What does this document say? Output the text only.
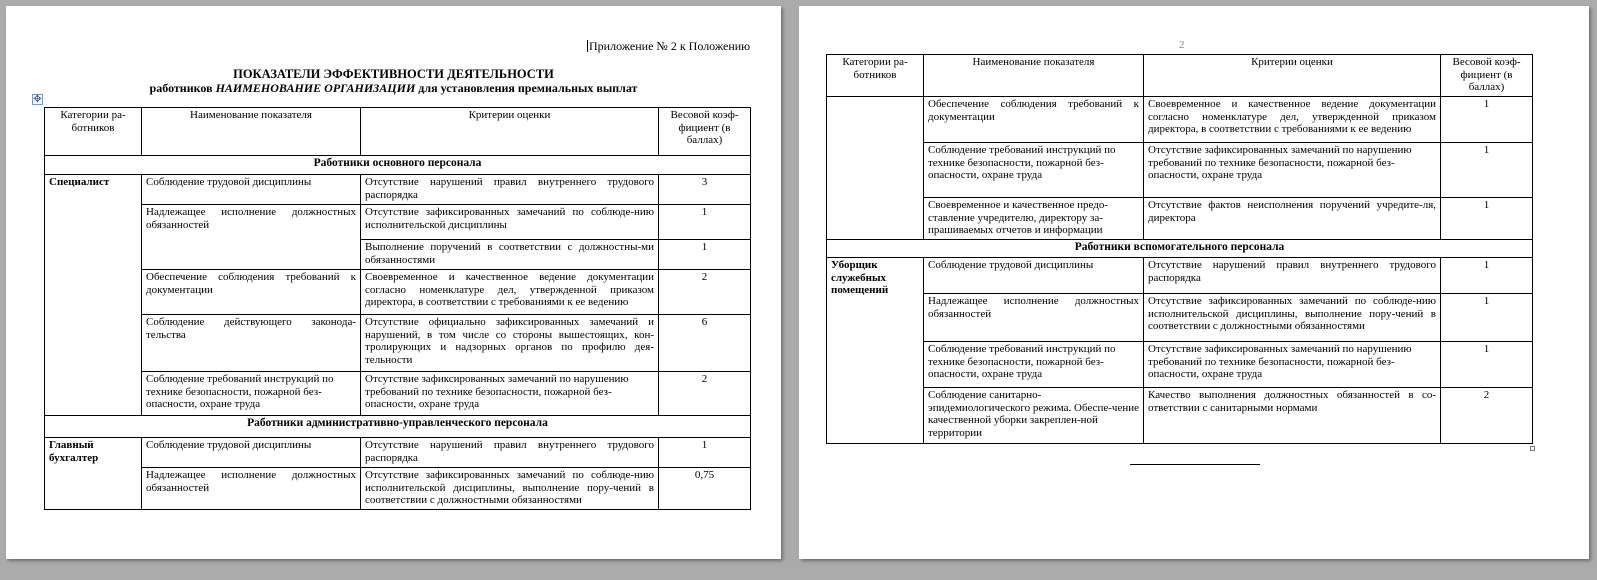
Приложение № 2 к Положению
ПОКАЗАТЕЛИ ЭФФЕКТИВНОСТИ ДЕЯТЕЛЬНОСТИ
работников НАИМЕНОВАНИЕ ОРГАНИЗАЦИИ для установления премиальных выплат
✥
Категории ра-ботников	Наименование показателя	Критерии оценки	Весовой коэф-фициент (в баллах)
Работники основного персонала			
Специалист	Соблюдение трудовой дисциплины	Отсутствие нарушений правил внутреннего трудового распорядка	3
	Надлежащее исполнение должностных обязанностей	Отсутствие зафиксированных замечаний по соблюде-нию исполнительской дисциплины	1
		Выполнение поручений в соответствии с должностны-ми обязанностями	1
	Обеспечение соблюдения требований к документации	Своевременное и качественное ведение документации согласно номенклатуре дел, утвержденной приказом директора, в соответствии с требованиями к ее ведению	2
	Соблюдение действующего законода-тельства	Отсутствие официально зафиксированных замечаний и нарушений, в том числе со стороны вышестоящих, кон-тролирующих и надзорных органов по профилю дея-тельности	6
	Соблюдение требований инструкций по технике безопасности, пожарной без-опасности, охране труда	Отсутствие зафиксированных замечаний по нарушению требований по технике безопасности, пожарной без-опасности, охране труда	2
Работники административно-управленческого персонала			
Главный бухгалтер	Соблюдение трудовой дисциплины	Отсутствие нарушений правил внутреннего трудового распорядка	1
	Надлежащее исполнение должностных обязанностей	Отсутствие зафиксированных замечаний по соблюде-нию исполнительской дисциплины, выполнение пору-чений в соответствии с должностными обязанностями	0,75
2
Категории ра-ботников	Наименование показателя	Критерии оценки	Весовой коэф-фициент (в баллах)
	Обеспечение соблюдения требований к документации	Своевременное и качественное ведение документации согласно номенклатуре дел, утвержденной приказом директора, в соответствии с требованиями к ее ведению	1
	Соблюдение требований инструкций по технике безопасности, пожарной без-опасности, охране труда	Отсутствие зафиксированных замечаний по нарушению требований по технике безопасности, пожарной без-опасности, охране труда	1
	Своевременное и качественное предо-ставление учредителю, директору за-прашиваемых отчетов и информации	Отсутствие фактов неисполнения поручений учредите-ля, директора	1
Работники вспомогательного персонала			
Уборщик служебных помещений	Соблюдение трудовой дисциплины	Отсутствие нарушений правил внутреннего трудового распорядка	1
	Надлежащее исполнение должностных обязанностей	Отсутствие зафиксированных замечаний по соблюде-нию исполнительской дисциплины, выполнение пору-чений в соответствии с должностными обязанностями	1
	Соблюдение требований инструкций по технике безопасности, пожарной без-опасности, охране труда	Отсутствие зафиксированных замечаний по нарушению требований по технике безопасности, пожарной без-опасности, охране труда	1
	Соблюдение санитарно-эпидемиологического режима. Обеспе-чение качественной уборки закреплен-ной территории	Качество выполнения должностных обязанностей в со-ответствии с санитарными нормами	2
